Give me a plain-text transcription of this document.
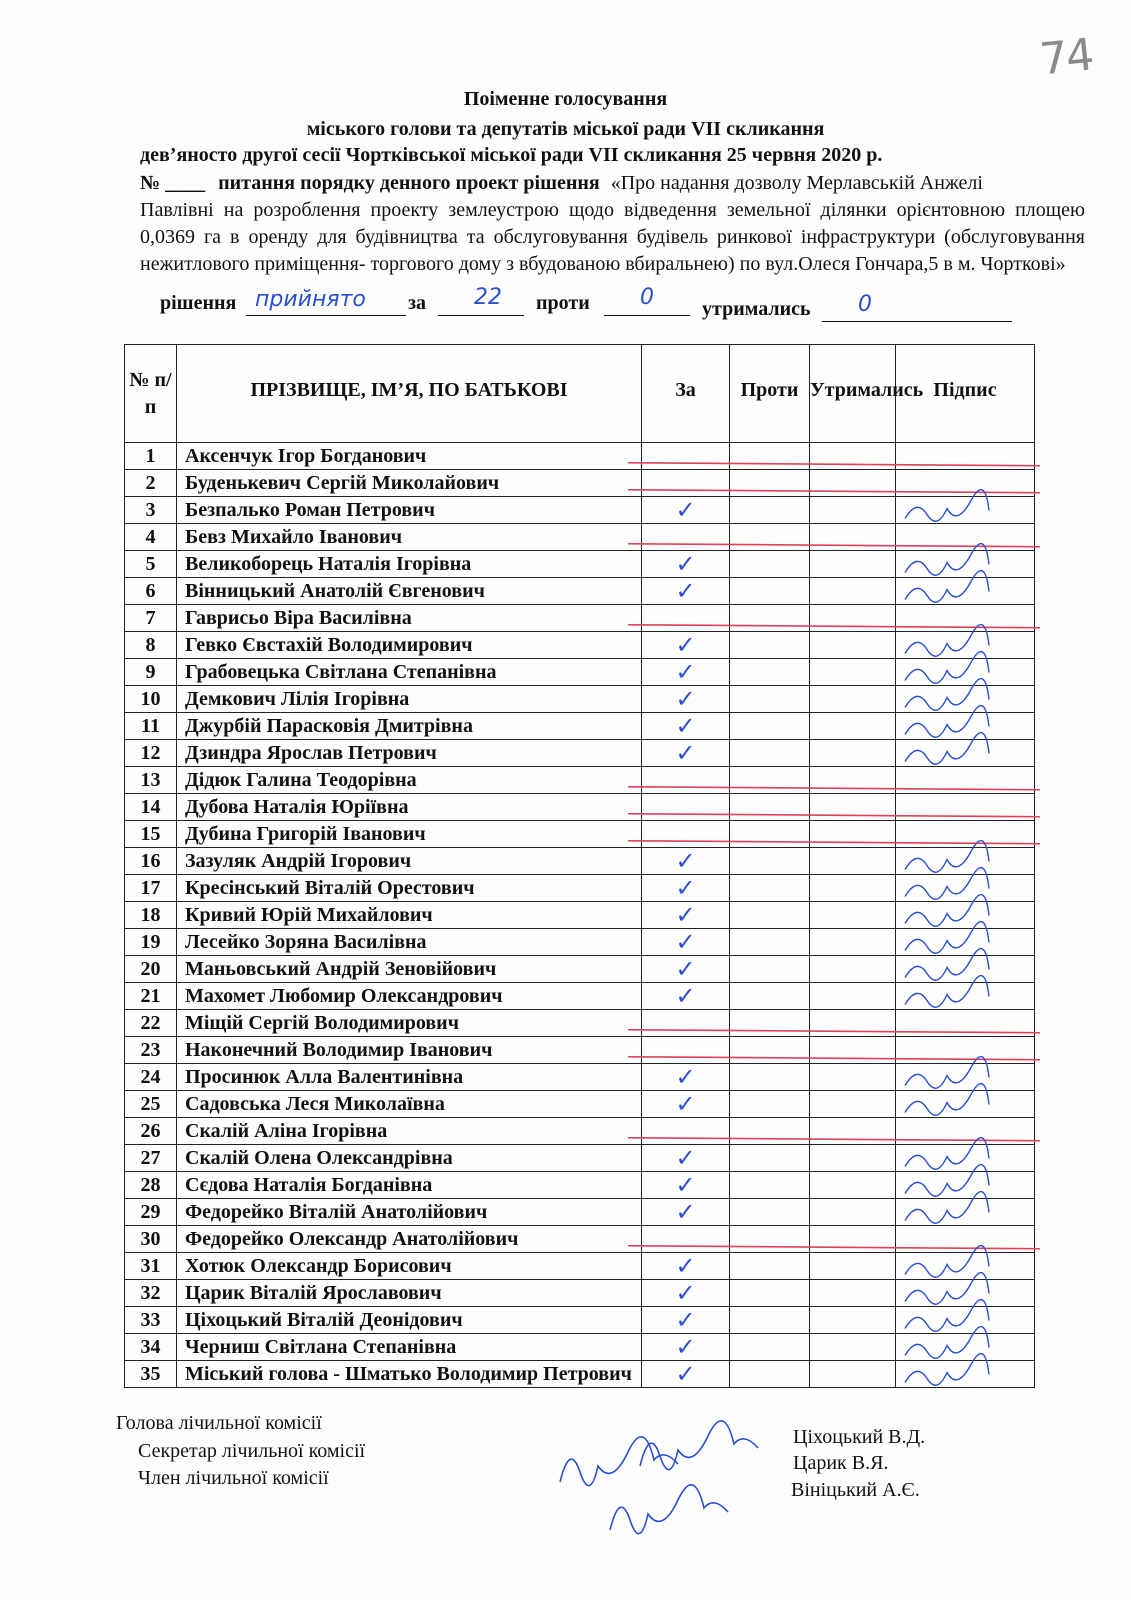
74
Поіменне голосування
міського голови та депутатів міської ради VII скликання
дев’яносто другої сесії Чортківської міської ради VII скликання 25 червня 2020 р.
№ ____ питання порядку денного проект рішення «Про надання дозволу Мерлавській Анжелі
Павлівні на розроблення проекту землеустрою щодо відведення земельної ділянки орієнтовною площею 0,0369 га в оренду для будівництва та обслуговування будівель ринкової інфраструктури (обслуговування нежитлового приміщення- торгового дому з вбудованою вбиральнею) по вул.Олеся Гончара,5 в м. Чорткові»
рішення прийнято за 22 проти 0 утримались 0
№ п/п	ПРІЗВИЩЕ, ІМ’Я, ПО БАТЬКОВІ	За	Проти	Утримались	Підпис
1	Аксенчук Ігор Богданович				
2	Буденькевич Сергій Миколайович				
3	Безпалько Роман Петрович	✓			
4	Бевз Михайло Іванович				
5	Великоборець Наталія Ігорівна	✓			
6	Вінницький Анатолій Євгенович	✓			
7	Гаврисьо Віра Василівна				
8	Гевко Євстахій Володимирович	✓			
9	Грабовецька Світлана Степанівна	✓			
10	Демкович Лілія Ігорівна	✓			
11	Джурбій Парасковія Дмитрівна	✓			
12	Дзиндра Ярослав Петрович	✓			
13	Дідюк Галина Теодорівна				
14	Дубова Наталія Юріївна				
15	Дубина Григорій Іванович				
16	Зазуляк Андрій Ігорович	✓			
17	Кресінський Віталій Орестович	✓			
18	Кривий Юрій Михайлович	✓			
19	Лесейко Зоряна Василівна	✓			
20	Маньовський Андрій Зеновійович	✓			
21	Махомет Любомир Олександрович	✓			
22	Міщій Сергій Володимирович				
23	Наконечний Володимир Іванович				
24	Просинюк Алла Валентинівна	✓			
25	Садовська Леся Миколаївна	✓			
26	Скалій Аліна Ігорівна				
27	Скалій Олена Олександрівна	✓			
28	Сєдова Наталія Богданівна	✓			
29	Федорейко Віталій Анатолійович	✓			
30	Федорейко Олександр Анатолійович				
31	Хотюк Олександр Борисович	✓			
32	Царик Віталій Ярославович	✓			
33	Ціхоцький Віталій Деонідович	✓			
34	Черниш Світлана Степанівна	✓			
35	Міський голова - Шматько Володимир Петрович	✓			
Голова лічильної комісії
Секретар лічильної комісії
Член лічильної комісії
Ціхоцький В.Д.
Царик В.Я.
Вініцький А.Є.
